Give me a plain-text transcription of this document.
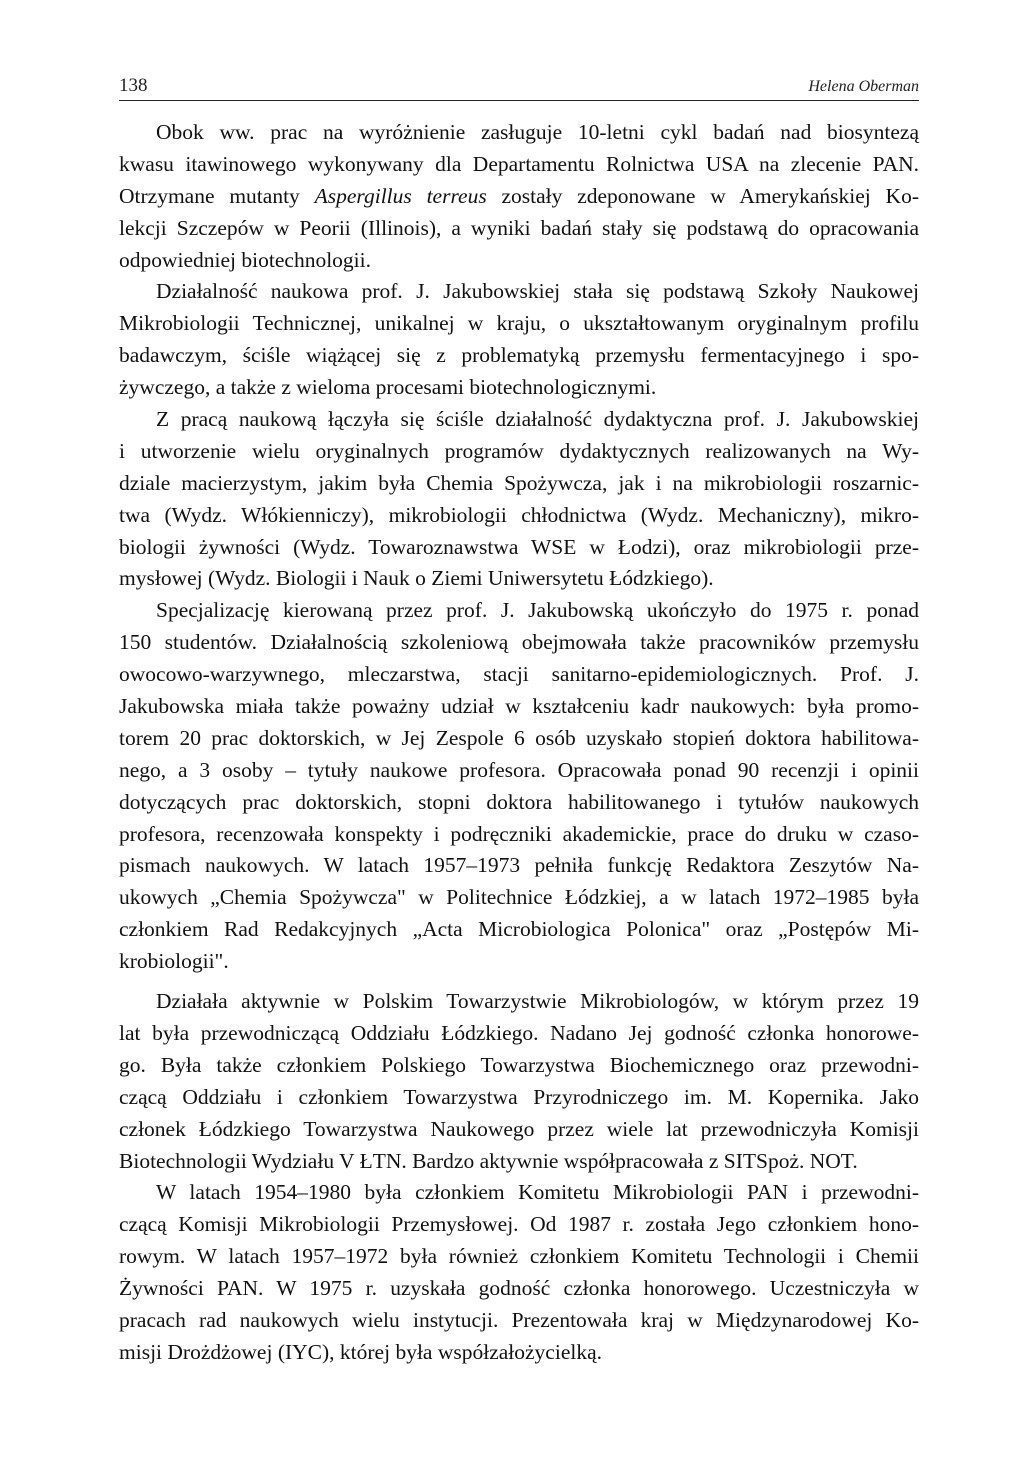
138	Helena Oberman
Obok ww. prac na wyróżnienie zasługuje 10-letni cykl badań nad biosyntezą
kwasu itawinowego wykonywany dla Departamentu Rolnictwa USA na zlecenie PAN.
Otrzymane mutanty Aspergillus terreus zostały zdeponowane w Amerykańskiej Ko-
lekcji Szczepów w Peorii (Illinois), a wyniki badań stały się podstawą do opracowania
odpowiedniej biotechnologii.
Działalność naukowa prof. J. Jakubowskiej stała się podstawą Szkoły Naukowej
Mikrobiologii Technicznej, unikalnej w kraju, o ukształtowanym oryginalnym profilu
badawczym, ściśle wiążącej się z problematyką przemysłu fermentacyjnego i spo-
żywczego, a także z wieloma procesami biotechnologicznymi.
Z pracą naukową łączyła się ściśle działalność dydaktyczna prof. J. Jakubowskiej
i utworzenie wielu oryginalnych programów dydaktycznych realizowanych na Wy-
dziale macierzystym, jakim była Chemia Spożywcza, jak i na mikrobiologii roszarnic-
twa (Wydz. Włókienniczy), mikrobiologii chłodnictwa (Wydz. Mechaniczny), mikro-
biologii żywności (Wydz. Towaroznawstwa WSE w Łodzi), oraz mikrobiologii prze-
mysłowej (Wydz. Biologii i Nauk o Ziemi Uniwersytetu Łódzkiego).
Specjalizację kierowaną przez prof. J. Jakubowską ukończyło do 1975 r. ponad
150 studentów. Działalnością szkoleniową obejmowała także pracowników przemysłu
owocowo-warzywnego, mleczarstwa, stacji sanitarno-epidemiologicznych. Prof. J.
Jakubowska miała także poważny udział w kształceniu kadr naukowych: była promo-
torem 20 prac doktorskich, w Jej Zespole 6 osób uzyskało stopień doktora habilitowa-
nego, a 3 osoby – tytuły naukowe profesora. Opracowała ponad 90 recenzji i opinii
dotyczących prac doktorskich, stopni doktora habilitowanego i tytułów naukowych
profesora, recenzowała konspekty i podręczniki akademickie, prace do druku w czaso-
pismach naukowych. W latach 1957–1973 pełniła funkcję Redaktora Zeszytów Na-
ukowych „Chemia Spożywcza" w Politechnice Łódzkiej, a w latach 1972–1985 była
członkiem Rad Redakcyjnych „Acta Microbiologica Polonica" oraz „Postępów Mi-
krobiologii".
Działała aktywnie w Polskim Towarzystwie Mikrobiologów, w którym przez 19
lat była przewodniczącą Oddziału Łódzkiego. Nadano Jej godność członka honorowe-
go. Była także członkiem Polskiego Towarzystwa Biochemicznego oraz przewodni-
czącą Oddziału i członkiem Towarzystwa Przyrodniczego im. M. Kopernika. Jako
członek Łódzkiego Towarzystwa Naukowego przez wiele lat przewodniczyła Komisji
Biotechnologii Wydziału V ŁTN. Bardzo aktywnie współpracowała z SITSpoż. NOT.
W latach 1954–1980 była członkiem Komitetu Mikrobiologii PAN i przewodni-
czącą Komisji Mikrobiologii Przemysłowej. Od 1987 r. została Jego członkiem hono-
rowym. W latach 1957–1972 była również członkiem Komitetu Technologii i Chemii
Żywności PAN. W 1975 r. uzyskała godność członka honorowego. Uczestniczyła w
pracach rad naukowych wielu instytucji. Prezentowała kraj w Międzynarodowej Ko-
misji Drożdżowej (IYC), której była współzałożycielką.
